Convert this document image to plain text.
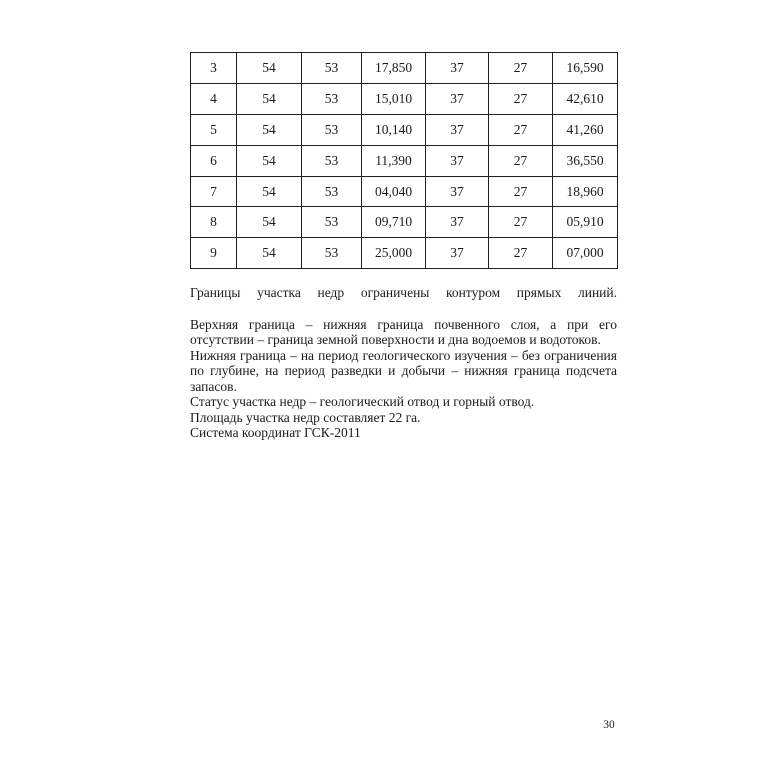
3	54	53	17,850	37	27	16,590
4	54	53	15,010	37	27	42,610
5	54	53	10,140	37	27	41,260
6	54	53	11,390	37	27	36,550
7	54	53	04,040	37	27	18,960
8	54	53	09,710	37	27	05,910
9	54	53	25,000	37	27	07,000

Границы участка недр ограничены контуром прямых линий.

Верхняя граница – нижняя граница почвенного слоя, а при его отсутствии – граница земной поверхности и дна водоемов и водотоков.

Нижняя граница – на период геологического изучения – без ограничения по глубине, на период разведки и добычи – нижняя граница подсчета запасов.

Статус участка недр – геологический отвод и горный отвод.

Площадь участка недр составляет 22 га.

Система координат ГСК-2011

30
